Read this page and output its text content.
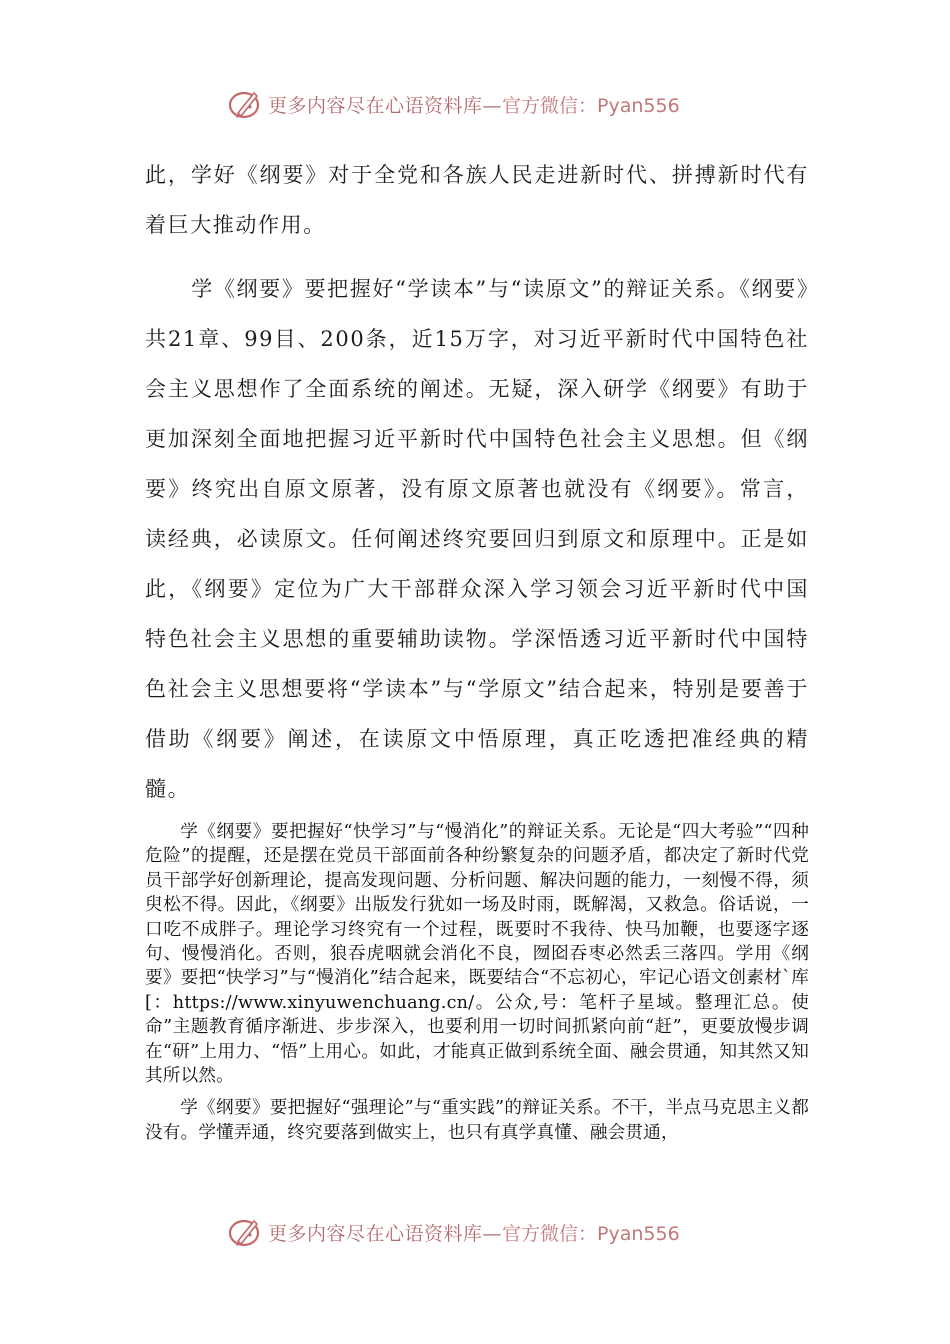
更多内容尽在心语资料库— 官方微信：Pyan556

此，学好《纲要》对于全党和各族人民走进新时代、拼搏新时代有着巨大推动作用。

学《纲要》要把握好“学读本”与“读原文”的辩证关系。《纲要》共21章、99目、200条，近15万字，对习近平新时代中国特色社会主义思想作了全面系统的阐述。无疑，深入研学《纲要》有助于更加深刻全面地把握习近平新时代中国特色社会主义思想。但《纲要》终究出自原文原著，没有原文原著也就没有《纲要》。常言，读经典，必读原文。任何阐述终究要回归到原文和原理中。正是如此，《纲要》定位为广大干部群众深入学习领会习近平新时代中国特色社会主义思想的重要辅助读物。学深悟透习近平新时代中国特色社会主义思想要将“学读本”与“学原文”结合起来，特别是要善于借助《纲要》阐述，在读原文中悟原理，真正吃透把准经典的精髓。

学《纲要》要把握好“快学习”与“慢消化”的辩证关系。无论是“四大考验”“四种危险”的提醒，还是摆在党员干部面前各种纷繁复杂的问题矛盾，都决定了新时代党员干部学好创新理论，提高发现问题、分析问题、解决问题的能力，一刻慢不得，须臾松不得。因此，《纲要》出版发行犹如一场及时雨，既解渴，又救急。俗话说，一口吃不成胖子。理论学习终究有一个过程，既要时不我待、快马加鞭，也要逐字逐句、慢慢消化。否则，狼吞虎咽就会消化不良，囫囵吞枣必然丢三落四。学用《纲要》要把“快学习”与“慢消化”结合起来，既要结合“不忘初心，牢记心语文创素材`库[：https://www.xinyuwenchuang.cn/。公众,号：笔杆子星域。整理汇总。使命”主题教育循序渐进、步步深入，也要利用一切时间抓紧向前“赶”，更要放慢步调在“研”上用力、“悟”上用心。如此，才能真正做到系统全面、融会贯通，知其然又知其所以然。

学《纲要》要把握好“强理论”与“重实践”的辩证关系。不干，半点马克思主义都没有。学懂弄通，终究要落到做实上，也只有真学真懂、融会贯通，

更多内容尽在心语资料库— 官方微信：Pyan556
